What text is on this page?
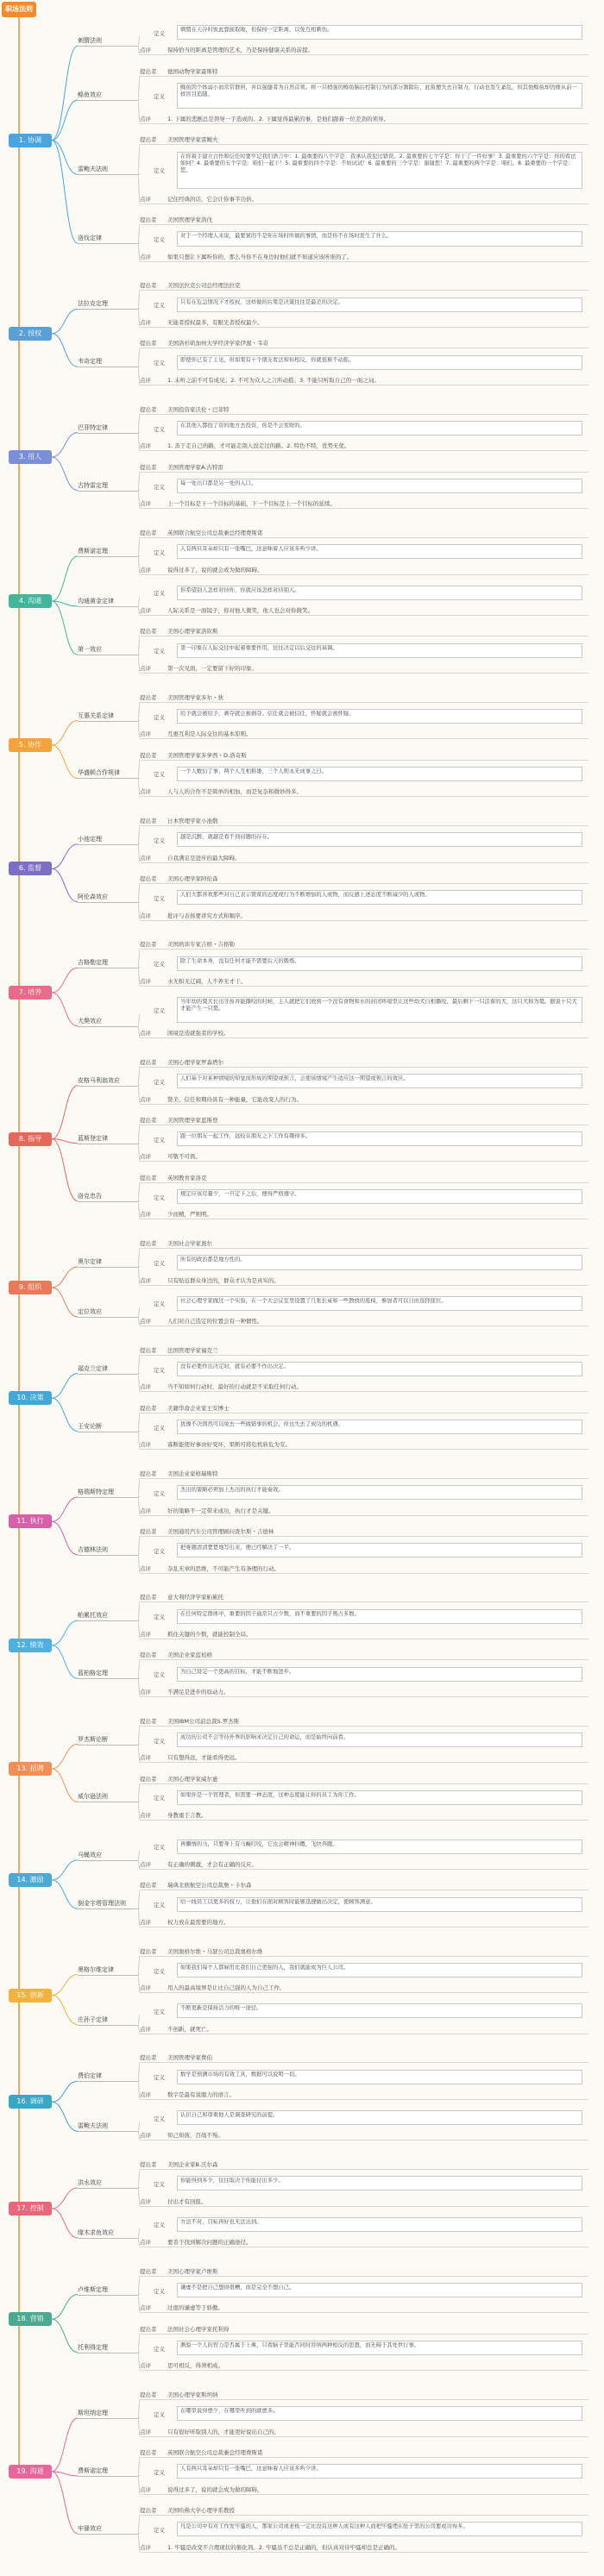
职场法则
定义
刺猬在天冷时彼此靠拢取暖，但保持一定距离，以免互相刺伤。
点评	保持恰当的距离是管理的艺术，乃是保持健康关系的前提。
刺猬法则
提出者	德国动物学家霍斯特
定义
鲦鱼因个体弱小而常常群居，并以强健者为自然首领。将一只稍强的鲦鱼脑后控制行为的部分割除后，此鱼便失去自制力，行动也发生紊乱，但其他鲦鱼却仍像从前一样盲目追随。
点评	1. 下属的悲剧总是领导一手造成的。2. 下属觉得最累的事，是他们跟着一位差劲的领导。
鲦鱼效应
提出者	美国管理学家雷鲍夫
定义
在你着手建立合作和信任时要牢记我们语言中：1. 最重要的八个字是：我承认我犯过错误。2. 最重要的七个字是：你干了一件好事！3. 最重要的六个字是：你的看法如何？4. 最重要的五个字是：咱们一起干！5. 最重要的四个字是：不妨试试！6. 最重要的三个字是：谢谢您！7. 最重要的两个字是：咱们。8. 最重要的一个字是：您。
点评	记住经典的话，它会让你事半功倍。
雷鲍夫法则
提出者	美国管理学家洛伐
定义
对于一个经理人来说，最要紧的不是你在场时所做的事情，而是你不在场时发生了什么。
点评	如果只想让下属听你的，那么当你不在身边时他们就不知道应该听谁的了。
洛伐定律
1. 协调
提出者	美国法拉克公司总经理法拉克
定义
只有在危急情况下才授权，这样做的后果是决策往往是最差的决定。
点评	无能者授权最多，有眼光者授权最少。
法拉克定理
提出者	美国洛杉矶加州大学经济学家伊渥・韦奇
定义
即使你已有了主见，但如果有十个朋友看法和你相反，你就很难不动摇。
点评	1. 未听之前不可有成见；2. 不可为众人之言所动摇；3. 不能只听取自己的一面之词。
韦奇定理
2. 授权
提出者	美国投资家沃伦・巴菲特
定义
在其他人都投了资的地方去投资，你是不会发财的。
点评	1. 善于走自己的路，才可能走别人没走过的路。2. 特色不特，优势无优。
巴菲特定律
提出者	美国管理学家A.古特雷
定义
每一处出口都是另一处的入口。
点评	上一个目标是下一个目标的基础，下一个目标是上一个目标的延续。
古特雷定理
3. 用人
提出者	英国联合航空公司总裁兼总经理费斯诺
定义
人有两只耳朵却只有一张嘴巴，这意味着人应该多听少讲。
点评	说得过多了，说的就会成为做的障碍。
费斯诺定理
定义
你希望别人怎样对待你，你就应该怎样对待别人。
点评	人际关系是一面镜子，你对他人微笑，他人也会对你微笑。
沟通黄金定律
提出者	美国心理学家洛钦斯
定义
第一印象在人际交往中起着重要作用，往往决定以后交往的基调。
点评	第一次见面，一定要留下好的印象。
第一效应
4. 沟通
提出者	美国管理学家多尔・狄
定义
给予就会被给予，剥夺就会被剥夺。信任就会被信任，怀疑就会被怀疑。
点评	互惠互利是人际交往的基本原则。
互惠关系定律
提出者	美国管理学家多萝西・D.洛奇斯
定义
一个人敷衍了事，两个人互相推诿，三个人则永无成事之日。
点评	人与人的合作不是简单的相加，而是复杂和微妙得多。
华盛顿合作规律
5. 协作
提出者	日本管理学家小池敬
定义
越是沉醉，就越是看不到问题的存在。
点评	自我满足是进步的最大障碍。
小池定理
提出者	美国心理学家阿伦森
定义
人们大都喜欢那些对自己表示赞赏的态度或行为不断增加的人或物，而反感上述态度不断减少的人或物。
点评	批评与表扬要讲究方式和顺序。
阿伦森效应
6. 监督
提出者	美国培训专家吉格・吉格勒
定义
除了生命本身，没有任何才能不需要后天的锻炼。
点评	水无积无辽阔，人不养无才干。
吉格勒定理
定义
当年幼的獒犬长出牙齿并能撕咬的时候，主人就把它们放到一个没有食物和水的封闭环境里让这些幼犬自相撕咬，最后剩下一只活着的犬，这只犬称为獒。据说十只犬才能产生一只獒。
点评	困境是造就强者的学校。
犬獒效应
7. 培养
提出者	美国心理学家罗森塔尔
定义
人们基于对某种情境的知觉而形成的期望或预言，会使该情境产生适应这一期望或预言的效应。
点评	赞美、信任和期待具有一种能量，它能改变人的行为。
皮格马利翁效应
提出者	美国管理学家蓝斯登
定义
跟一位朋友一起工作，远较在朋友之下工作有趣得多。
点评	可敬不可畏。
蓝斯登定律
提出者	英国教育家洛克
定义
规定应该尽量少，一旦定下之后，便得严格遵守。
点评	少而精，严则明。
洛克忠告
8. 指导
提出者	美国社会学家奥尔
定义
所有的政治都是地方性的。
点评	只有贴近群众身边的，群众才认为是真实的。
奥尔定律
定义
社会心理学家做过一个实验，在一个大会议室里设置了几张长桌和一些散放的座椅，参加者可以自由选择座位。
点评	人们对自己选定的位置会有一种惯性。
定位效应
9. 组织
提出者	法国管理学家福克兰
定义
没有必要作出决定时，就有必要不作出决定。
点评	当不知如何行动时，最好的行动就是不采取任何行动。
福克兰定律
提出者	美籍华裔企业家王安博士
定义
犹豫不决固然可以免去一些做错事的机会，但也失去了成功的机遇。
点评	寡断能使好事由好变坏，果断可将危机转危为安。
王安论断
10. 决策
提出者	美国企业家格瑞斯特
定义
杰出的策略必须加上杰出的执行才能奏效。
点评	好的策略不一定带来成功，执行才是关键。
格瑞斯特定理
提出者	美国通用汽车公司管理顾问查尔斯・吉德林
定义
把难题清清楚楚地写出来，便已经解决了一半。
点评	杂乱无章的思维，不可能产生有条理的行动。
吉德林法则
11. 执行
提出者	意大利经济学家帕累托
定义
在任何特定群体中，重要的因子通常只占少数，而不重要的因子则占多数。
点评	抓住关键的少数，就能控制全局。
帕累托效应
提出者	美国企业家蓝柏格
定义
为自己设定一个更高的目标，才能不断地进步。
点评	不满足是进步的原动力。
蓝柏格定理
12. 绩效
提出者	美国IBM公司前总裁S.罗杰斯
定义
成功的公司不会等待外界的影响来决定自己的命运，而是始终向前看。
点评	只有想得远，才能看得更远。
罗杰斯论断
提出者	美国心理学家威尔逊
定义
如果你是一个管理者，你需要一种态度，这种态度能让你的员工为你工作。
点评	身教重于言教。
威尔逊法则
13. 招聘
定义
再懒惰的马，只要身上有马蝇叮咬，它也会精神抖擞，飞快奔跑。
点评	有正确的刺激，才会有正确的反应。
马蝇效应
提出者	瑞典北欧航空公司总裁詹・卡尔森
定义
给一线员工以更多的权力，让他们在面对顾客时能够迅速做出决定，使顾客满意。
点评	权力放在最需要的地方。
倒金字塔管理法则
14. 激励
提出者	美国奥格尔维・马瑟公司总裁奥格尔维
定义
如果我们每个人都雇用比我们自己更强的人，我们就能成为巨人公司。
点评	用人的最高境界是让比自己强的人为自己工作。
奥格尔维定律
定义
不断更新是保持活力的唯一途径。
点评	不创新，就死亡。
庄孙子定律
15. 创新
提出者	美国管理学家费伯
定义
数学是预测市场的有效工具，数据可以说明一切。
点评	数字是最有说服力的语言。
费伯定律
定义
认识自己和尊重他人是调查研究的前提。
点评	知己知彼，百战不殆。
雷鲍夫法则
16. 调研
提出者	美国企业家B.沃尔森
定义
你能得到多少，往往取决于你能付出多少。
点评	付出才有回报。
洪水效应
定义
方法不对，目标再好也无法达到。
点评	要善于找到解决问题的正确途径。
缘木求鱼效应
17. 控制
提出者	美国心理学家卢维斯
定义
谦虚不是把自己想得很糟，而是完全不想自己。
点评	过度的谦虚等于骄傲。
卢维斯定理
提出者	法国社会心理学家托利得
定义
测验一个人的智力是否属于上乘，只看脑子里能否同时容纳两种相反的思想，而无碍于其处世行事。
点评	思可相反，得须相成。
托利得定理
18. 营销
提出者	美国心理学家斯坦纳
定义
在哪里说得愈少，在哪里听到的就愈多。
点评	只有很好听取别人的，才能更好说出自己的。
斯坦纳定理
提出者	英国联合航空公司总裁兼总经理费斯诺
定义
人有两只耳朵却只有一张嘴巴，这意味着人应该多听少讲。
点评	说得过多了，说的就会成为做的障碍。
费斯诺定理
提出者	美国哈佛大学心理学系教授
定义
凡是公司中有对工作发牢骚的人，那家公司或老板一定比没有这种人或有这种人而把牢骚埋在肚子里的公司要成功得多。
点评	1. 牢骚是改变不合理现状的催化剂。2. 牢骚虽不总是正确的，但认真对待牢骚却总是正确的。
牢骚效应
19. 沟通
